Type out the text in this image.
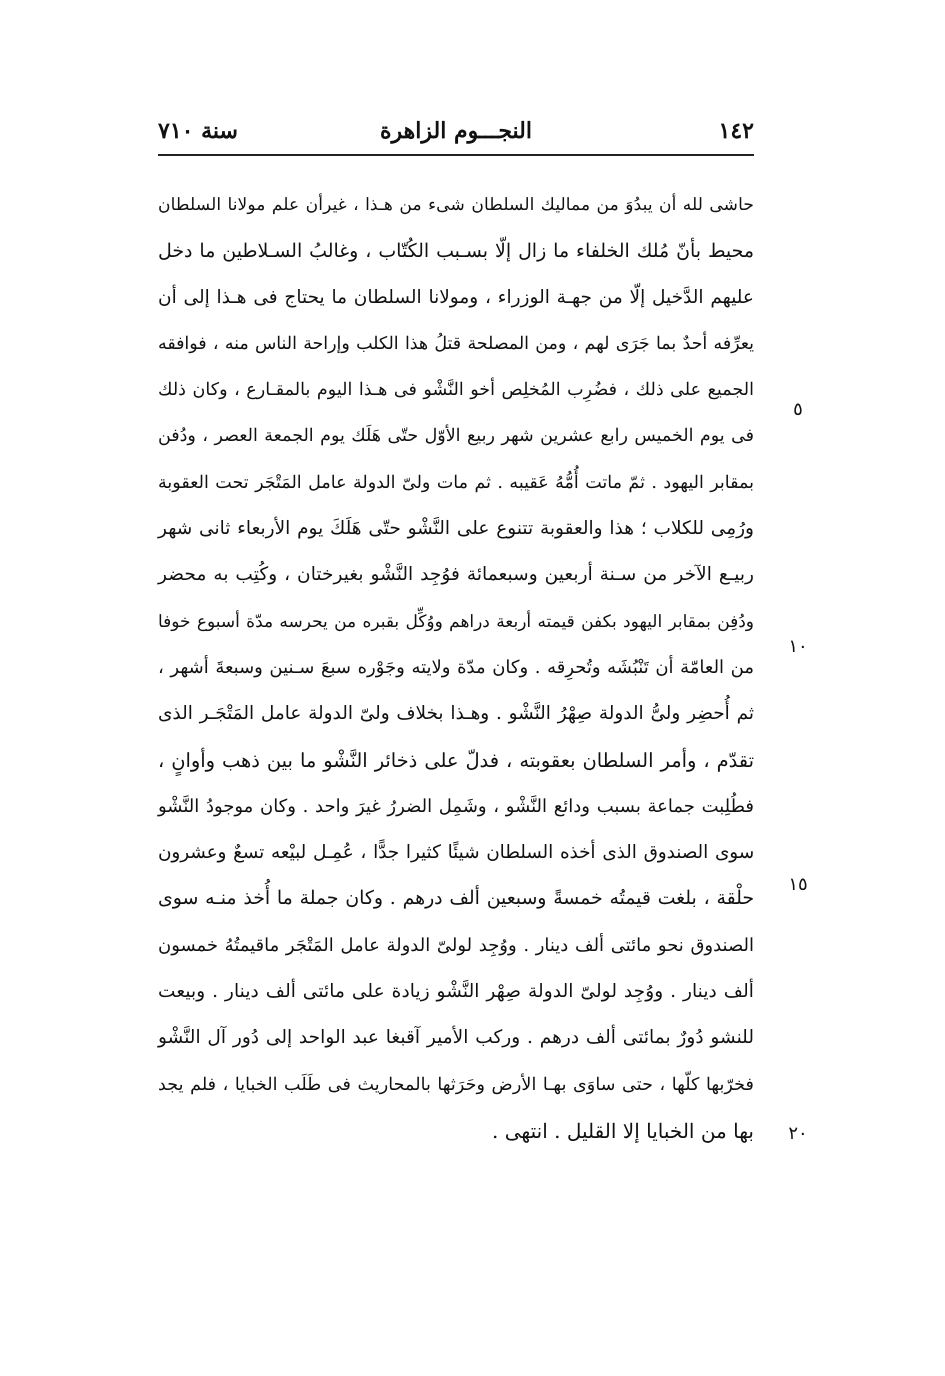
١٤٢
النجـــوم الزاهرة
سنة ٧١٠
حاشى لله أن يبدُوَ من مماليك السلطان شىء من هـذا ، غيرأن علم مولانا السلطان
محيط بأنّ مُلك الخلفاء ما زال إلّا بسـبب الكُتّاب ، وغالبُ السـلاطين ما دخل
عليهم الدَّخيل إلّا من جهـة الوزراء ، ومولانا السلطان ما يحتاج فى هـذا إلى أن
يعرِّفه أحدٌ بما جَرَى لهم ، ومن المصلحة قتلُ هذا الكلب وإراحة الناس منه ، فوافقه
الجميع على ذلك ، فضُرِب المُخلِص أخو النَّشْو فى هـذا اليوم بالمقـارع ، وكان ذلك
فى يوم الخميس رابع عشرين شهر ربيع الأوّل حتّى هَلَك يوم الجمعة العصر ، ودُفن
بمقابر اليهود . ثمّ ماتت أُمُّهُ عَقيبه . ثم مات ولىّ الدولة عامل المَتْجَر تحت العقوبة
ورُمِى للكلاب ؛ هذا والعقوبة تتنوع على النَّشْو حتّى هَلَكَ يوم الأربعاء ثانى شهر
ربيـع الآخر من سـنة أربعين وسبعمائة فوُجِد النَّشْو بغيرختان ، وكُتِب به محضر
ودُفِن بمقابر اليهود بكفن قيمته أربعة دراهم ووُكِّل بقبره من يحرسه مدّة أسبوع خوفا
من العامّة أن تَنْبُشَه وتُحرِقه . وكان مدّة ولايته وجَوْره سبعَ سـنين وسبعةَ أشهر ،
ثم أُحضِر ولىُّ الدولة صِهْرُ النَّشْو . وهـذا بخلاف ولىّ الدولة عامل المَتْجَـر الذى
تقدّم ، وأمر السلطان بعقوبته ، فدلّ على ذخائر النَّشْو ما بين ذهب وأوانٍ ،
فطُلِبت جماعة بسبب ودائع النَّشْو ، وشَمِل الضررُ غيرَ واحد . وكان موجودُ النَّشْو
سوى الصندوق الذى أخذه السلطان شيئًا كثيرا جدًّا ، عُمِـل لبيْعه تسعٌ وعشرون
حلْقة ، بلغت قيمتُه خمسةً وسبعين ألف درهم . وكان جملة ما أُخذ منـه سوى
الصندوق نحو مائتى ألف دينار . ووُجِد لولىّ الدولة عامل المَتْجَر ماقيمتُهُ خمسون
ألف دينار . ووُجِد لولىّ الدولة صِهْر النَّشْو زيادة على مائتى ألف دينار . وبيعت
للنشو دُورٌ بمائتى ألف درهم . وركب الأمير آقبغا عبد الواحد إلى دُور آل النَّشْو
فخرّبها كلّها ، حتى ساوَى بهـا الأرض وحَرَثها بالمحاريث فى طَلَب الخبايا ، فلم يجد
بها من الخبايا إلا القليل . انتهى .
٥
١٠
١٥
٢٠
